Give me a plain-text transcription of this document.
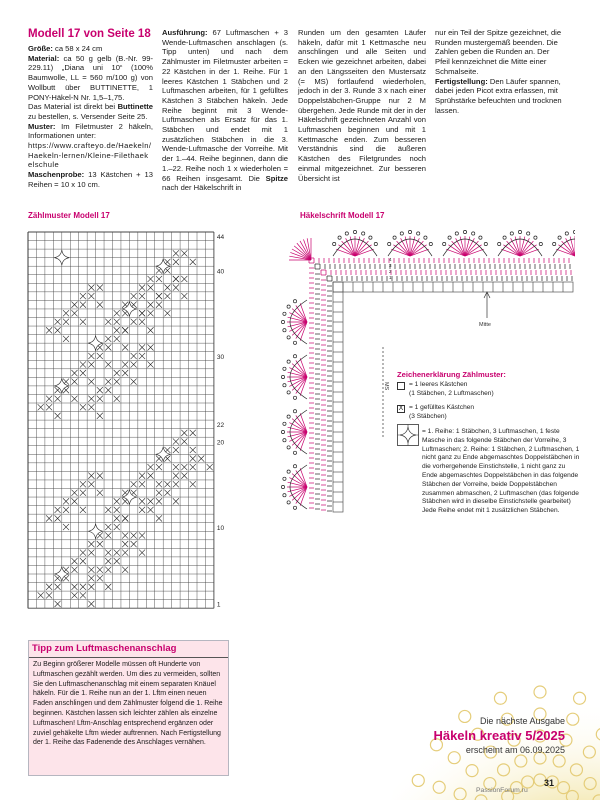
Modell 17 von Seite 18
Größe: ca 58 x 24 cm
Material: ca 50 g gelb (B.-Nr. 99-229.11) „Diana uni 10“ (100% Baumwolle, LL = 560 m/100 g) von Wollbutt über BUTTINETTE, 1 PONY-Häkel-N Nr. 1,5–1,75.
Das Material ist direkt bei Buttinette zu bestellen, s. Versender Seite 25.
Muster: Im Filetmuster 2 häkeln, Informationen unter:
https://www.crafteyo.de/Haekeln/Haekeln-lernen/Kleine-Filethaekelschule
Maschenprobe: 13 Kästchen + 13 Reihen = 10 x 10 cm.
Ausführung: 67 Luftmaschen + 3 Wende-Luftmaschen anschlagen (s. Tipp unten) und nach dem Zählmuster im Filetmuster arbeiten = 22 Kästchen in der 1. Reihe. Für 1 leeres Kästchen 1 Stäbchen und 2 Luftmaschen arbeiten, für 1 gefülltes Kästchen 3 Stäbchen häkeln. Jede Reihe beginnt mit 3 Wende-Luftmaschen als Ersatz für das 1. Stäbchen und endet mit 1 zusätzlichen Stäbchen in die 3. Wende-Luftmasche der Vorreihe. Mit der 1.–44. Reihe beginnen, dann die 1.–22. Reihe noch 1 x wiederholen = 66 Reihen insgesamt. Die Spitze nach der Häkelschrift in
Runden um den gesamten Läufer häkeln, dafür mit 1 Kettmasche neu anschlingen und alle Seiten und Ecken wie gezeichnet arbeiten, dabei an den Längsseiten den Mustersatz (= MS) fortlaufend wiederholen, jedoch in der 3. Runde 3 x nach einer Doppelstäbchen-Gruppe nur 2 M übergehen. Jede Runde mit der in der Häkelschrift gezeichneten Anzahl von Luftmaschen beginnen und mit 1 Kettmasche enden. Zum besseren Verständnis sind die äußeren Kästchen des Filetgrundes noch einmal mitgezeichnet. Zur besseren Übersicht ist
nur ein Teil der Spitze gezeichnet, die Runden mustergemäß beenden. Die Zahlen geben die Runden an. Der Pfeil kennzeichnet die Mitte einer Schmalseite.
Fertigstellung: Den Läufer spannen, dabei jeden Picot extra erfassen, mit Sprühstärke befeuchten und trocknen lassen.
Zählmuster Modell 17	Häkelschrift Modell 17
44
40
30
22
20
10
1
Mitte
MS
1
2
3
4
Zeichenerklärung Zählmuster:
= 1 leeres Kästchen
(1 Stäbchen, 2 Luftmaschen)
X = 1 gefülltes Kästchen
(3 Stäbchen)
= 1. Reihe: 1 Stäbchen, 3 Luftmaschen, 1 feste Masche in das folgende Stäbchen der Vorreihe, 3 Luftmaschen; 2. Reihe: 1 Stäbchen, 2 Luftmaschen, 1 nicht ganz zu Ende abgemaschtes Doppelstäbchen in die vorhergehende Einstichstelle, 1 nicht ganz zu Ende abgemaschtes Doppelstäbchen in das folgende Stäbchen der Vorreihe, beide Doppelstäbchen zusammen abmaschen, 2 Luftmaschen (das folgende Stäbchen wird in dieselbe Einstichstelle gearbeitet) Jede Reihe endet mit 1 zusätzlichen Stäbchen.
Tipp zum Luftmaschenanschlag
Zu Beginn größerer Modelle müssen oft Hunderte von Luftmaschen gezählt werden. Um dies zu vermeiden, sollten Sie den Luftmaschenanschlag mit einem separaten Knäuel häkeln. Für die 1. Reihe nun an der 1. Lftm einen neuen Faden anschlingen und dem Zählmuster folgend die 1. Reihe beginnen. Kästchen lassen sich leichter zählen als einzelne Luftmaschen! Lftm-Anschlag entsprechend ergänzen oder zuviel gehäkelte Lftm wieder auftrennen. Nach Fertigstellung der 1. Reihe das Fadenende des Anschlages vernähen.
Die nächste Ausgabe
Häkeln kreativ 5/2025
erscheint am 06.09.2025
31
PassionForum.ru
